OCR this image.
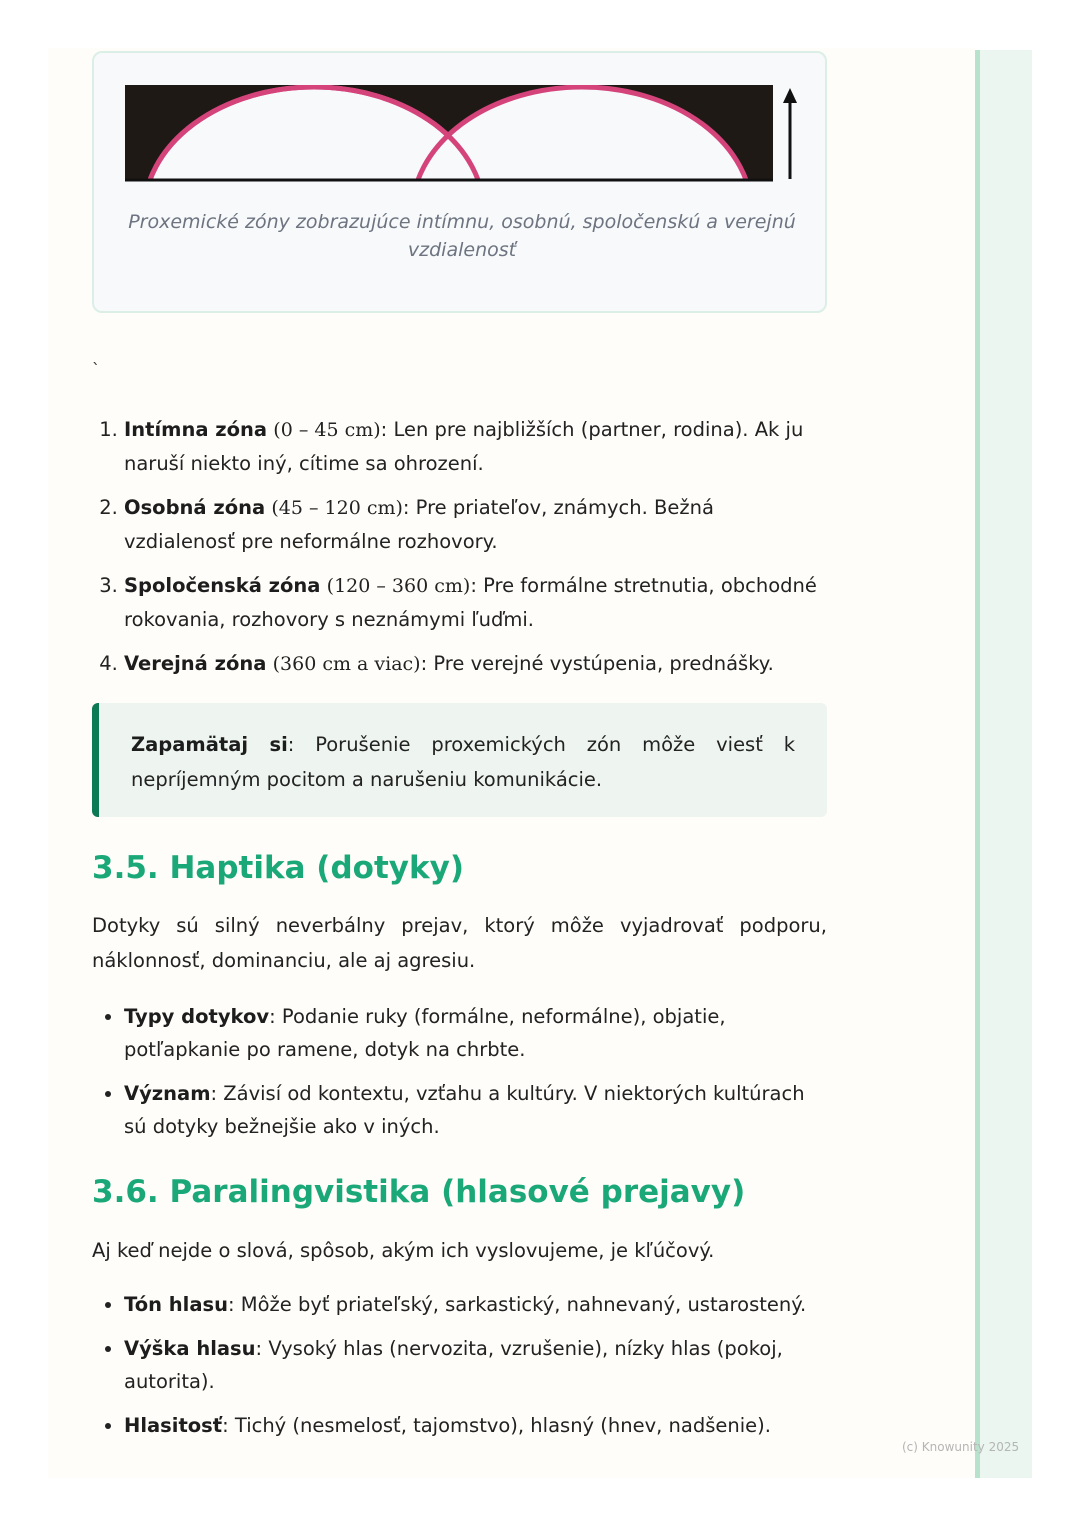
Proxemické zóny zobrazujúce intímnu, osobnú, spoločenskú a verejnú vzdialenosť
`
1. Intímna zóna (0 – 45 cm): Len pre najbližších (partner, rodina). Ak ju naruší niekto iný, cítime sa ohrození.
2. Osobná zóna (45 – 120 cm): Pre priateľov, známych. Bežná vzdialenosť pre neformálne rozhovory.
3. Spoločenská zóna (120 – 360 cm): Pre formálne stretnutia, obchodné rokovania, rozhovory s neznámymi ľuďmi.
4. Verejná zóna (360 cm a viac): Pre verejné vystúpenia, prednášky.
Zapamätaj si: Porušenie proxemických zón môže viesť k nepríjemným pocitom a narušeniu komunikácie.
3.5. Haptika (dotyky)

Dotyky sú silný neverbálny prejav, ktorý môže vyjadrovať podporu, náklonnosť, dominanciu, ale aj agresiu.

• Typy dotykov: Podanie ruky (formálne, neformálne), objatie, potľapkanie po ramene, dotyk na chrbte.
• Význam: Závisí od kontextu, vzťahu a kultúry. V niektorých kultúrach sú dotyky bežnejšie ako v iných.
3.6. Paralingvistika (hlasové prejavy)

Aj keď nejde o slová, spôsob, akým ich vyslovujeme, je kľúčový.

• Tón hlasu: Môže byť priateľský, sarkastický, nahnevaný, ustarostený.
• Výška hlasu: Vysoký hlas (nervozita, vzrušenie), nízky hlas (pokoj, autorita).
• Hlasitosť: Tichý (nesmelosť, tajomstvo), hlasný (hnev, nadšenie).
(c) Knowunity 2025
